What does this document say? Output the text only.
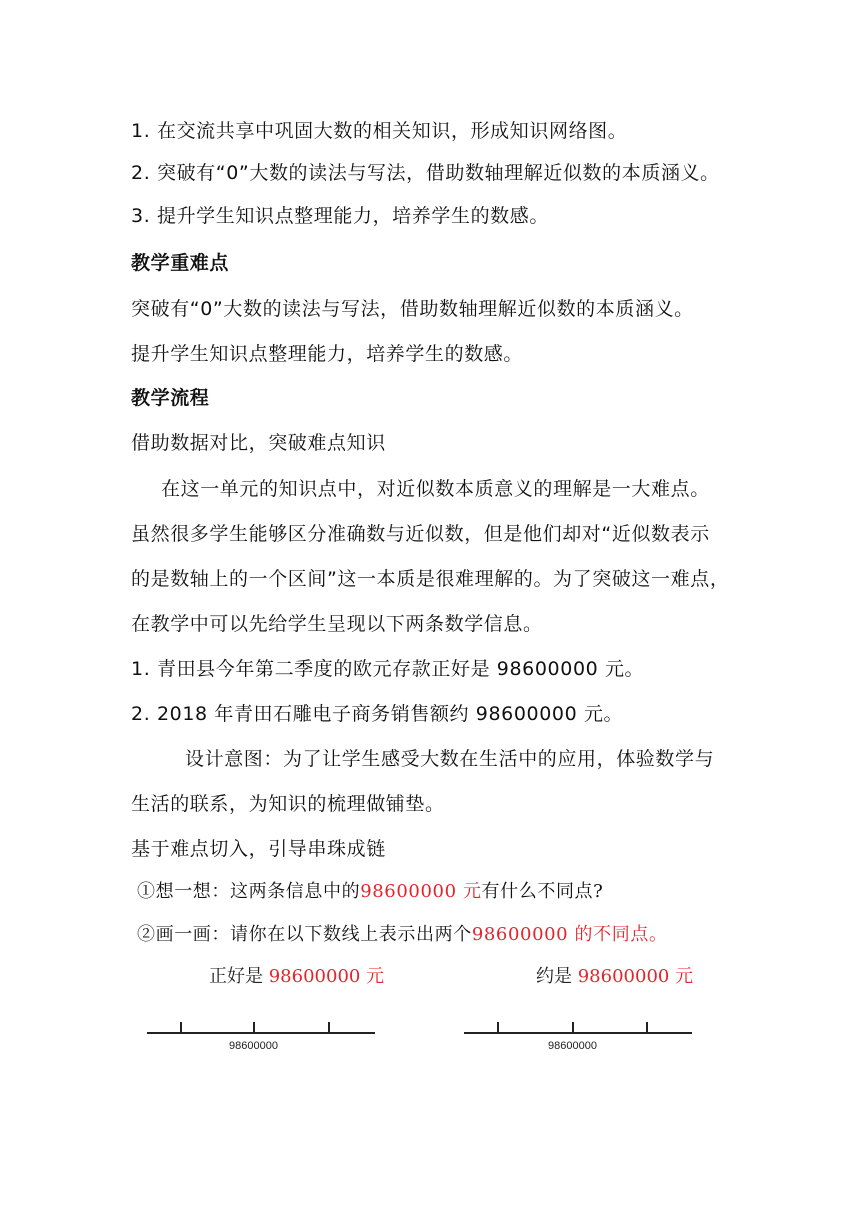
1. 在交流共享中巩固大数的相关知识，形成知识网络图。
2. 突破有“0”大数的读法与写法，借助数轴理解近似数的本质涵义。
3. 提升学生知识点整理能力，培养学生的数感。
教学重难点
突破有“0”大数的读法与写法，借助数轴理解近似数的本质涵义。
提升学生知识点整理能力，培养学生的数感。
教学流程
借助数据对比，突破难点知识
在这一单元的知识点中，对近似数本质意义的理解是一大难点。
虽然很多学生能够区分准确数与近似数，但是他们却对“近似数表示
的是数轴上的一个区间”这一本质是很难理解的。为了突破这一难点，
在教学中可以先给学生呈现以下两条数学信息。
1. 青田县今年第二季度的欧元存款正好是 98600000 元。
2. 2018 年青田石雕电子商务销售额约 98600000 元。
设计意图：为了让学生感受大数在生活中的应用，体验数学与
生活的联系，为知识的梳理做铺垫。
基于难点切入，引导串珠成链
①想一想：这两条信息中的98600000 元有什么不同点?
②画一画：请你在以下数线上表示出两个98600000 的不同点。
正好是 98600000 元	约是 98600000 元
98600000	98600000
